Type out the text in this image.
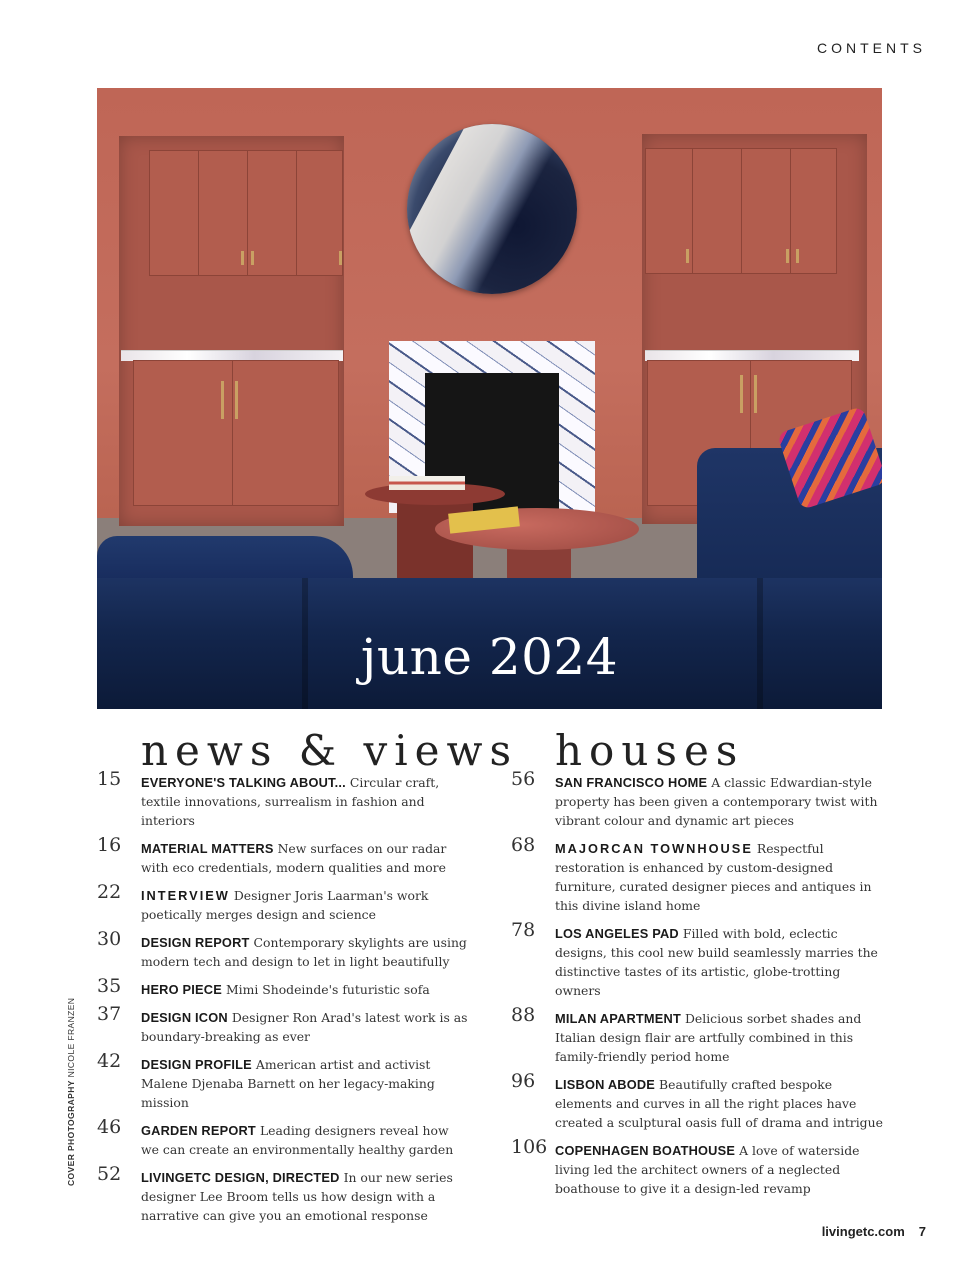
CONTENTS
june 2024
news & views
15 EVERYONE'S TALKING ABOUT... Circular craft, textile innovations, surrealism in fashion and interiors
16 MATERIAL MATTERS New surfaces on our radar with eco credentials, modern qualities and more
22 INTERVIEW Designer Joris Laarman's work poetically merges design and science
30 DESIGN REPORT Contemporary skylights are using modern tech and design to let in light beautifully
35 HERO PIECE Mimi Shodeinde's futuristic sofa
37 DESIGN ICON Designer Ron Arad's latest work is as boundary-breaking as ever
42 DESIGN PROFILE American artist and activist Malene Djenaba Barnett on her legacy-making mission
46 GARDEN REPORT Leading designers reveal how we can create an environmentally healthy garden
52 LIVINGETC DESIGN, DIRECTED In our new series designer Lee Broom tells us how design with a narrative can give you an emotional response
houses
56 SAN FRANCISCO HOME A classic Edwardian-style property has been given a contemporary twist with vibrant colour and dynamic art pieces
68 MAJORCAN TOWNHOUSE Respectful restoration is enhanced by custom-designed furniture, curated designer pieces and antiques in this divine island home
78 LOS ANGELES PAD Filled with bold, eclectic designs, this cool new build seamlessly marries the distinctive tastes of its artistic, globe-trotting owners
88 MILAN APARTMENT Delicious sorbet shades and Italian design flair are artfully combined in this family-friendly period home
96 LISBON ABODE Beautifully crafted bespoke elements and curves in all the right places have created a sculptural oasis full of drama and intrigue
106 COPENHAGEN BOATHOUSE A love of waterside living led the architect owners of a neglected boathouse to give it a design-led revamp
COVER PHOTOGRAPHY NICOLE FRANZEN
livingetc.com 7
